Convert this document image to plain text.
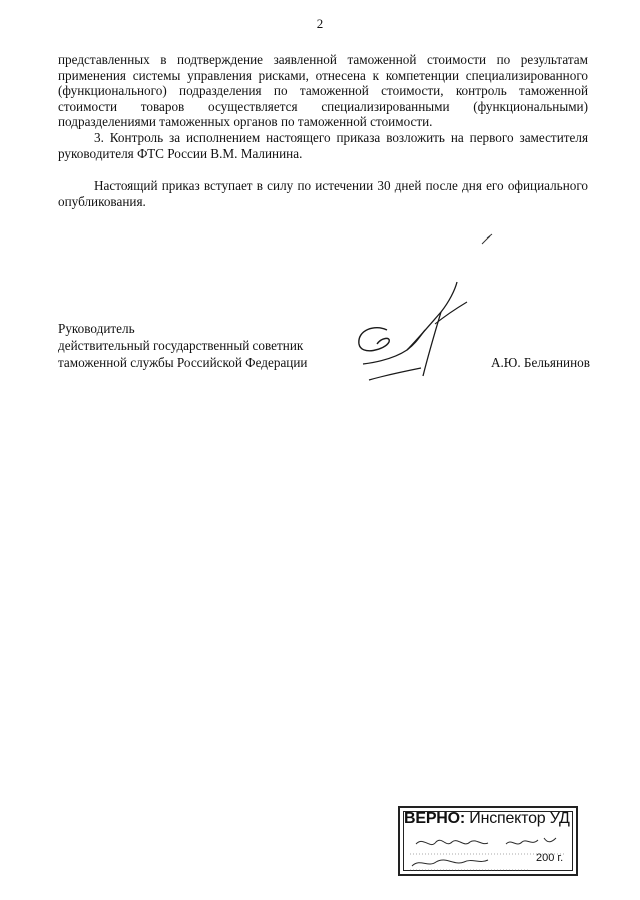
2

представленных в подтверждение заявленной таможенной стоимости по результатам применения системы управления рисками, отнесена к компетенции специализированного (функционального) подразделения по таможенной стоимости, контроль таможенной стоимости товаров осуществляется специализированными (функциональными) подразделениями таможенных органов по таможенной стоимости.

3. Контроль за исполнением настоящего приказа возложить на первого заместителя руководителя ФТС России В.М. Малинина.

Настоящий приказ вступает в силу по истечении 30 дней после дня его официального опубликования.

Руководитель
действительный государственный советник
таможенной службы Российской Федерации	А.Ю. Бельянинов
ВЕРНО: Инспектор УД
200 г.
